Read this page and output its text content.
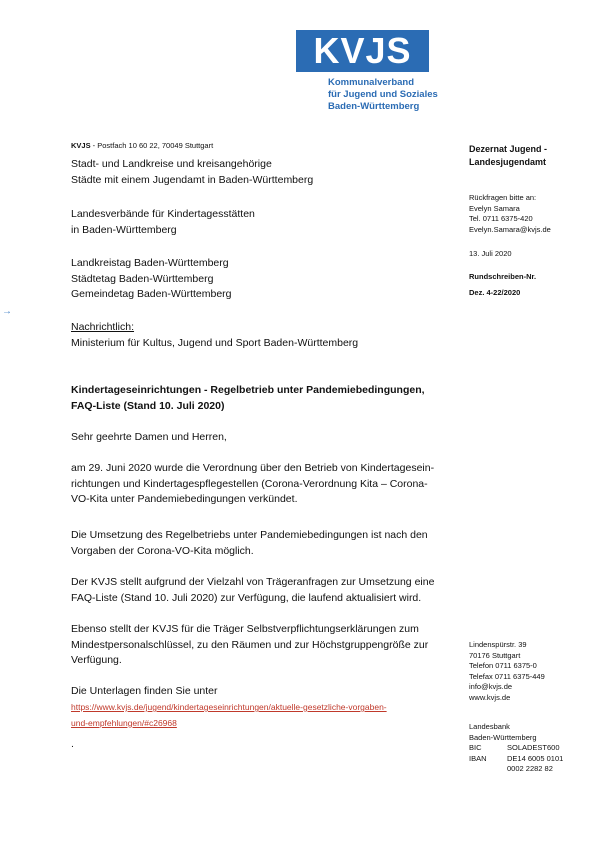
KVJS
Kommunalverband
für Jugend und Soziales
Baden-Württemberg
KVJS - Postfach 10 60 22, 70049 Stuttgart
Stadt- und Landkreise und kreisangehörige
Städte mit einem Jugendamt in Baden-Württemberg
Landesverbände für Kindertagesstätten
in Baden-Württemberg
Landkreistag Baden-Württemberg
Städtetag Baden-Württemberg
Gemeindetag Baden-Württemberg
→
Nachrichtlich:
Ministerium für Kultus, Jugend und Sport Baden-Württemberg
Dezernat Jugend -
Landesjugendamt
Rückfragen bitte an:
Evelyn Samara
Tel. 0711 6375-420
Evelyn.Samara@kvjs.de
13. Juli 2020
Rundschreiben-Nr.
Dez. 4-22/2020
Lindenspürstr. 39
70176 Stuttgart
Telefon 0711 6375-0
Telefax 0711 6375-449
info@kvjs.de
www.kvjs.de
Landesbank
Baden-Württemberg
BIC	SOLADEST600
IBAN	DE14 6005 0101
0002 2282 82
Kindertageseinrichtungen - Regelbetrieb unter Pandemiebedingungen,
FAQ-Liste (Stand 10. Juli 2020)
Sehr geehrte Damen und Herren,
am 29. Juni 2020 wurde die Verordnung über den Betrieb von Kindertagesein-
richtungen und Kindertagespflegestellen (Corona-Verordnung Kita – Corona-
VO-Kita unter Pandemiebedingungen verkündet.
Die Umsetzung des Regelbetriebs unter Pandemiebedingungen ist nach den
Vorgaben der Corona-VO-Kita möglich.
Der KVJS stellt aufgrund der Vielzahl von Trägeranfragen zur Umsetzung eine
FAQ-Liste (Stand 10. Juli 2020) zur Verfügung, die laufend aktualisiert wird.
Ebenso stellt der KVJS für die Träger Selbstverpflichtungserklärungen zum
Mindestpersonalschlüssel, zu den Räumen und zur Höchstgruppengröße zur
Verfügung.
Die Unterlagen finden Sie unter
https://www.kvjs.de/jugend/kindertageseinrichtungen/aktuelle-gesetzliche-vorgaben-
und-empfehlungen/#c26968
.
